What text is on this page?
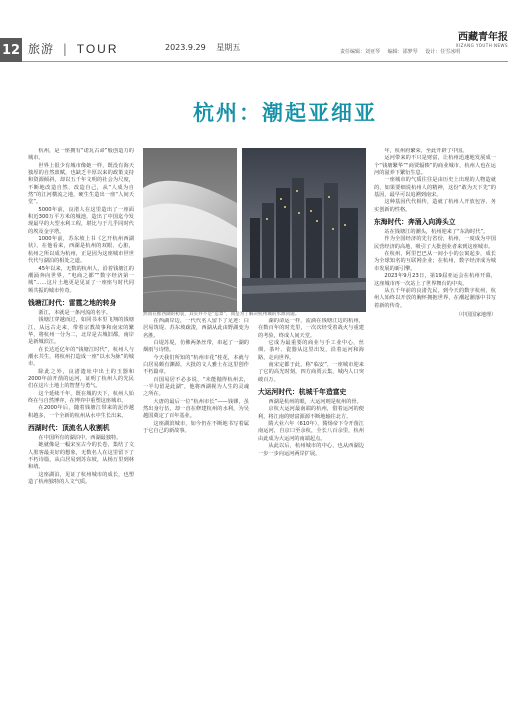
12 旅游 | TOUR	2023.9.29 星期五	责任编辑：刘亚琴 编辑：邵梦琴 设计：任雪冰明
西藏青年报
XIZANG YOUTH NEWS
杭州：潮起亚细亚
然而在推西湖的初衷，其实并不是“造景”，而是为了解决杭州城的水源问题。

杭州，是一座拥有“诺瓦古命”般创造力的城市。

世界上很少有城市像她一样，既没有海天独厚的自然禀赋，也缺乏丰厚以来的政策支持和资源倾斜，却以五千年文明的社会为尺度，不断地改造自然、改造自己，从“人成为自然”的江河横流之地，硬生生造出一座“人间天堂”。

5000年前，良渚人在这里造出了一座面积近300万平方米的城池，造出了中国迄今发现最早的大型水利工程，堪比与于几乎同时代的埃及金字塔。

1000年前，苏东坡上书《乞开杭州西湖状》，在他看来，西湖是杭州的双眼、心脏，杭州之所以成为杭州，正是因为这座城市世世代代与湖泊的相处之道。

45年以来，无数的杭州人，沿着钱塘江的潮涌奔向世界，“电商之都”“数字经济第一城”……这片土地更是见证了一座座与时代同频共振的城市传奇。

钱塘江时代：雷霆之地的转身

浙江，本就是一条河流的名字。

钱塘江穿越而过，如同书本里飞翔的钱塘江，从远古走来，带着宗教故事和南宋的繁华，将杭州一分为二，北岸是古城旧都，南岸是新城滨江。

在长达近亿年的“钱塘江时代”，杭州人与潮水共生，将杭州打造成一座“以水为脉”的城市。

除此之外，良渚遗址中出土的玉器和2000年前开凿的运河，证明了杭州人的先民们在这片土地上的智慧与勇气。

这个延续千年，既在城的天下，杭州人始终在与自然博弈，在博弈中重塑这座城市。

在2000年后，随着钱塘江带来的泥沙越积越多，一个全新的杭州从水中生长出来。

西湖时代：顶流名人收割机

在中国所有的湖泊中，西湖最独特。

她就像是一幅宋室古今的长卷，集结了文人墨客最美好的想象，无数名人在这里留下了不朽诗篇，从白居易到苏东坡，从杨万里到林和靖。

这座湖泊，见证了杭州城市的成长，也塑造了杭州独特的人文气质。

在西湖岸边，一代代名人留下了足迹：白居易筑堤、苏东坡疏浚，西湖从此由野湖变为名胜。

白堤苏堤，仿佛两条丝带，串起了一湖的烟雨与诗情。

今天我们所知的“杭州市花”桂花，本就与白居易颇有渊源，大批的文人雅士在这里创作不朽篇章。

百国易居不必多说，“未能抛得杭州去，一半勾留是此湖”，他将西湖视为人生的灵魂之所在。

大唐的最后一位“杭州市长”——钱镠，虽然出身行伍，却一直在修建杭州的水利，为吴越国奠定了百年基业。

这座湖滨城市，如今仍在不断地书写着属于它自己的新故事。

湖的命运一样，流淌在钱塘江边的杭州，在数百年的时光里，一次次经受着战火与重建的考验，终成人间天堂。

它成为最重要的商业与手工业中心，丝绸、茶叶、瓷器从这里出发，沿着运河和海路，走向世界。

南宋定都于此，称“临安”，一座城市迎来了它的高光时刻，四方商贾云集，城内人口突破百万。

大运河时代：杭城千年造富史

西湖是杭州的眼，大运河则是杭州的骨。

京杭大运河最南端的杭州，借着运河的便利，将江南的财富源源不断地输往北方。

隋大业六年（610年），隋炀帝下令开凿江南运河，自京口至余杭，全长八百余里，杭州由此成为大运河的南端起点。

从此以后，杭州城市的中心，也从西湖边一步一步向运河两岸扩展。

年，杭州府繁荣，至此开辟了中国。

运河带来的不只是财富，让杭州迅速地发展成一个“钱塘繁华”“商贾辐辏”的商业城市，杭州人也在运河的滋养下繁衍生息。

一座城市的气质往往是由历史上出现的人物造就的，如果要细说杭州人的精神，这份“敢为天下先”的基因，最早可以追溯到南宋。

这种基因代代相传，造就了杭州人开放包容、务实创新的性格。

东海时代：奔涌入向涛头立

站在钱塘江的潮头，杭州迎来了“东海时代”。

作为全国经济的先行省份，杭州，一度成为中国民营经济的高地，吸引了大批创业者来到这座城市。

在杭州，阿里巴巴从一间小小的公寓起步，成长为全球知名的互联网企业；在杭州，数字经济成为城市发展的新引擎。

2023年9月23日，第19届亚运会在杭州开幕，这座城市再一次站上了世界舞台的中央。

从五千年前的良渚先民，到今天的数字杭州，杭州人始终以开放的胸怀拥抱世界，在潮起潮落中书写着新的传奇。

（中国国家地理）
